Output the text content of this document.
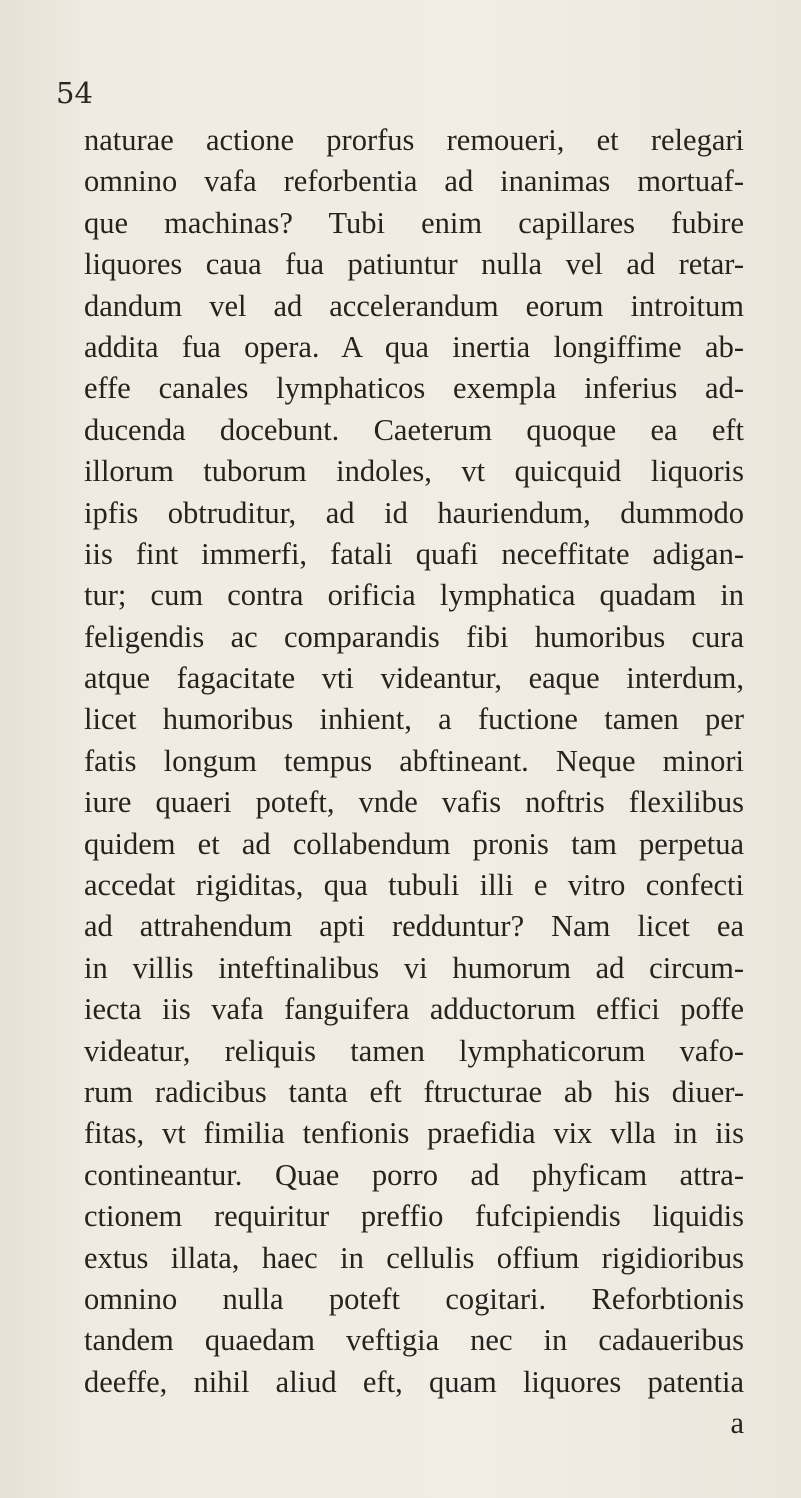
54
naturae actione prorfus remoueri, et relegari
omnino vafa reforbentia ad inanimas mortuaf-
que machinas? Tubi enim capillares fubire
liquores caua fua patiuntur nulla vel ad retar-
dandum vel ad accelerandum eorum introitum
addita fua opera. A qua inertia longiffime ab-
effe canales lymphaticos exempla inferius ad-
ducenda docebunt. Caeterum quoque ea eft
illorum tuborum indoles, vt quicquid liquoris
ipfis obtruditur, ad id hauriendum, dummodo
iis fint immerfi, fatali quafi neceffitate adigan-
tur; cum contra orificia lymphatica quadam in
feligendis ac comparandis fibi humoribus cura
atque fagacitate vti videantur, eaque interdum,
licet humoribus inhient, a fuctione tamen per
fatis longum tempus abftineant. Neque minori
iure quaeri poteft, vnde vafis noftris flexilibus
quidem et ad collabendum pronis tam perpetua
accedat rigiditas, qua tubuli illi e vitro confecti
ad attrahendum apti redduntur? Nam licet ea
in villis inteftinalibus vi humorum ad circum-
iecta iis vafa fanguifera adductorum effici poffe
videatur, reliquis tamen lymphaticorum vafo-
rum radicibus tanta eft ftructurae ab his diuer-
fitas, vt fimilia tenfionis praefidia vix vlla in iis
contineantur. Quae porro ad phyficam attra-
ctionem requiritur preffio fufcipiendis liquidis
extus illata, haec in cellulis offium rigidioribus
omnino nulla poteft cogitari. Reforbtionis
tandem quaedam veftigia nec in cadaueribus
deeffe, nihil aliud eft, quam liquores patentia
a
